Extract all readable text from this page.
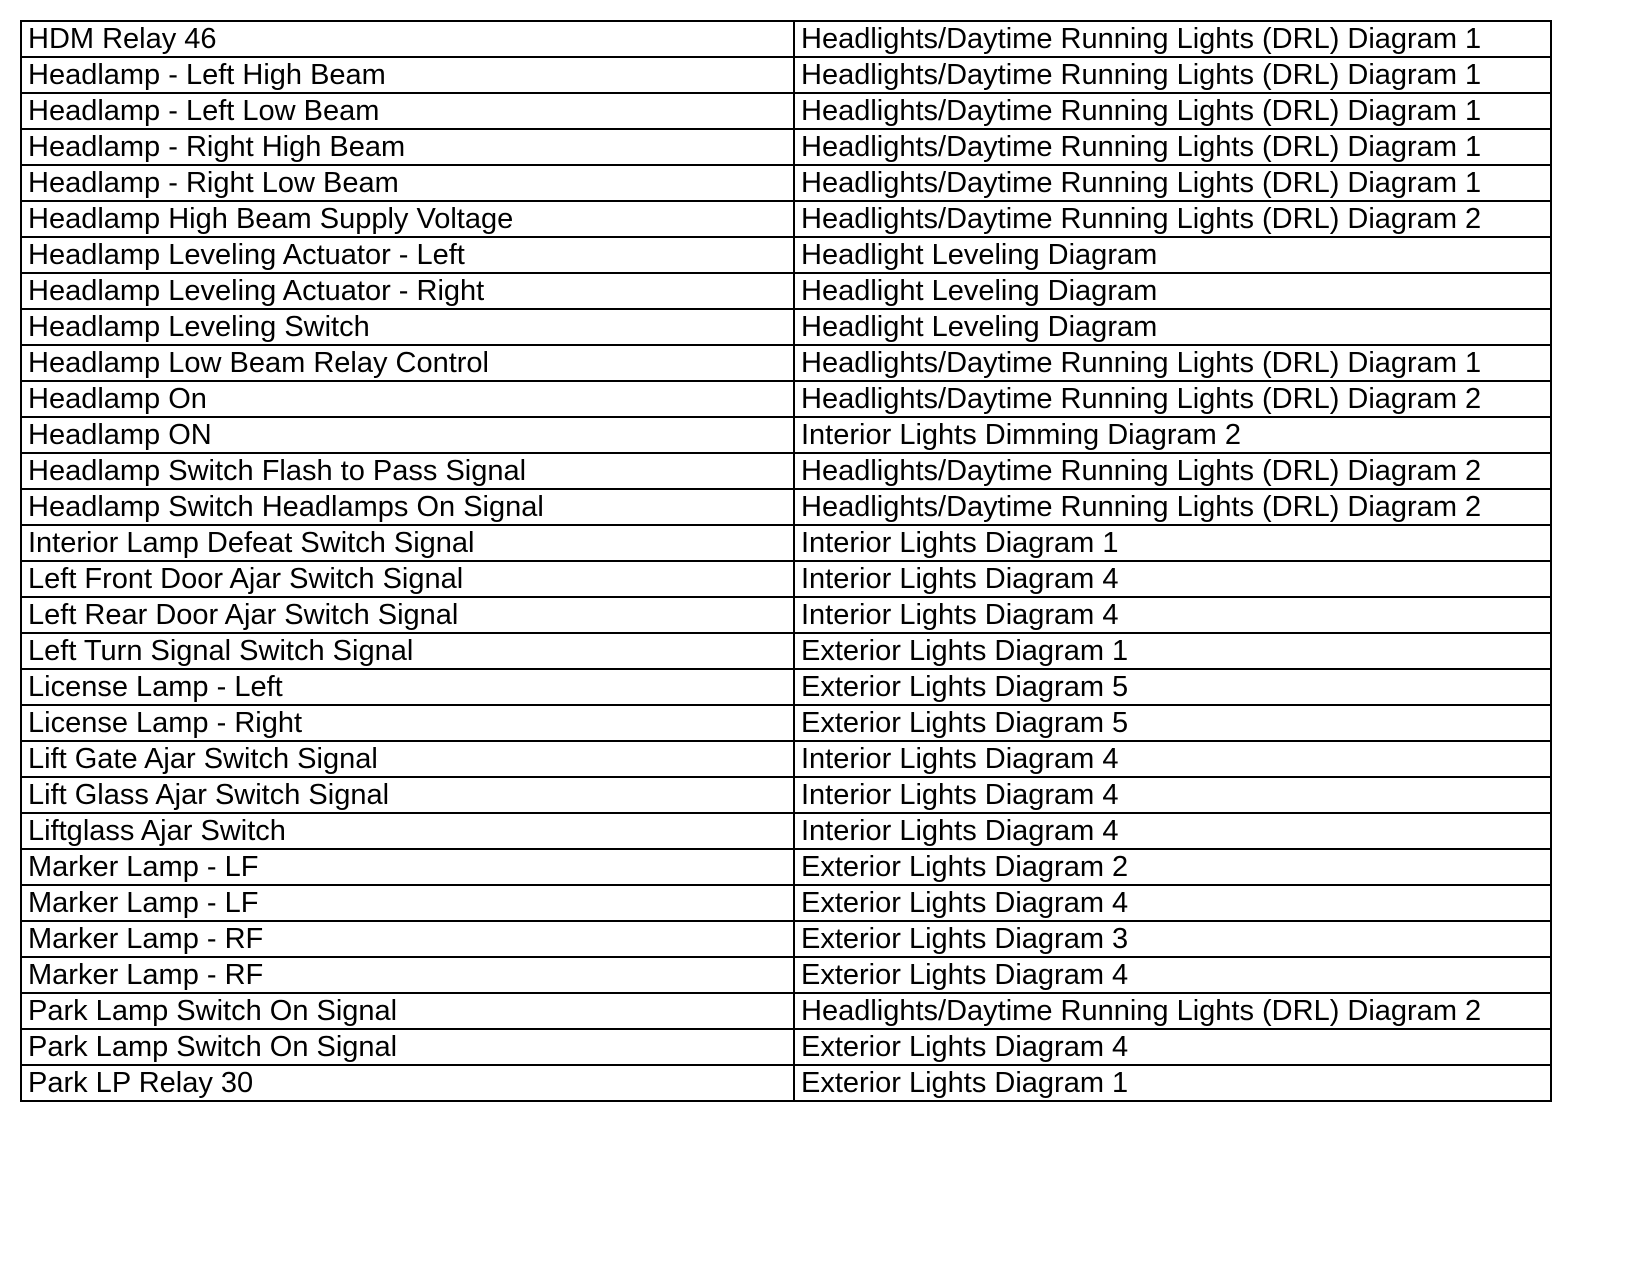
HDM Relay 46	Headlights/Daytime Running Lights (DRL) Diagram 1
Headlamp - Left High Beam	Headlights/Daytime Running Lights (DRL) Diagram 1
Headlamp - Left Low Beam	Headlights/Daytime Running Lights (DRL) Diagram 1
Headlamp - Right High Beam	Headlights/Daytime Running Lights (DRL) Diagram 1
Headlamp - Right Low Beam	Headlights/Daytime Running Lights (DRL) Diagram 1
Headlamp High Beam Supply Voltage	Headlights/Daytime Running Lights (DRL) Diagram 2
Headlamp Leveling Actuator - Left	Headlight Leveling Diagram
Headlamp Leveling Actuator - Right	Headlight Leveling Diagram
Headlamp Leveling Switch	Headlight Leveling Diagram
Headlamp Low Beam Relay Control	Headlights/Daytime Running Lights (DRL) Diagram 1
Headlamp On	Headlights/Daytime Running Lights (DRL) Diagram 2
Headlamp ON	Interior Lights Dimming Diagram 2
Headlamp Switch Flash to Pass Signal	Headlights/Daytime Running Lights (DRL) Diagram 2
Headlamp Switch Headlamps On Signal	Headlights/Daytime Running Lights (DRL) Diagram 2
Interior Lamp Defeat Switch Signal	Interior Lights Diagram 1
Left Front Door Ajar Switch Signal	Interior Lights Diagram 4
Left Rear Door Ajar Switch Signal	Interior Lights Diagram 4
Left Turn Signal Switch Signal	Exterior Lights Diagram 1
License Lamp - Left	Exterior Lights Diagram 5
License Lamp - Right	Exterior Lights Diagram 5
Lift Gate Ajar Switch Signal	Interior Lights Diagram 4
Lift Glass Ajar Switch Signal	Interior Lights Diagram 4
Liftglass Ajar Switch	Interior Lights Diagram 4
Marker Lamp - LF	Exterior Lights Diagram 2
Marker Lamp - LF	Exterior Lights Diagram 4
Marker Lamp - RF	Exterior Lights Diagram 3
Marker Lamp - RF	Exterior Lights Diagram 4
Park Lamp Switch On Signal	Headlights/Daytime Running Lights (DRL) Diagram 2
Park Lamp Switch On Signal	Exterior Lights Diagram 4
Park LP Relay 30	Exterior Lights Diagram 1
